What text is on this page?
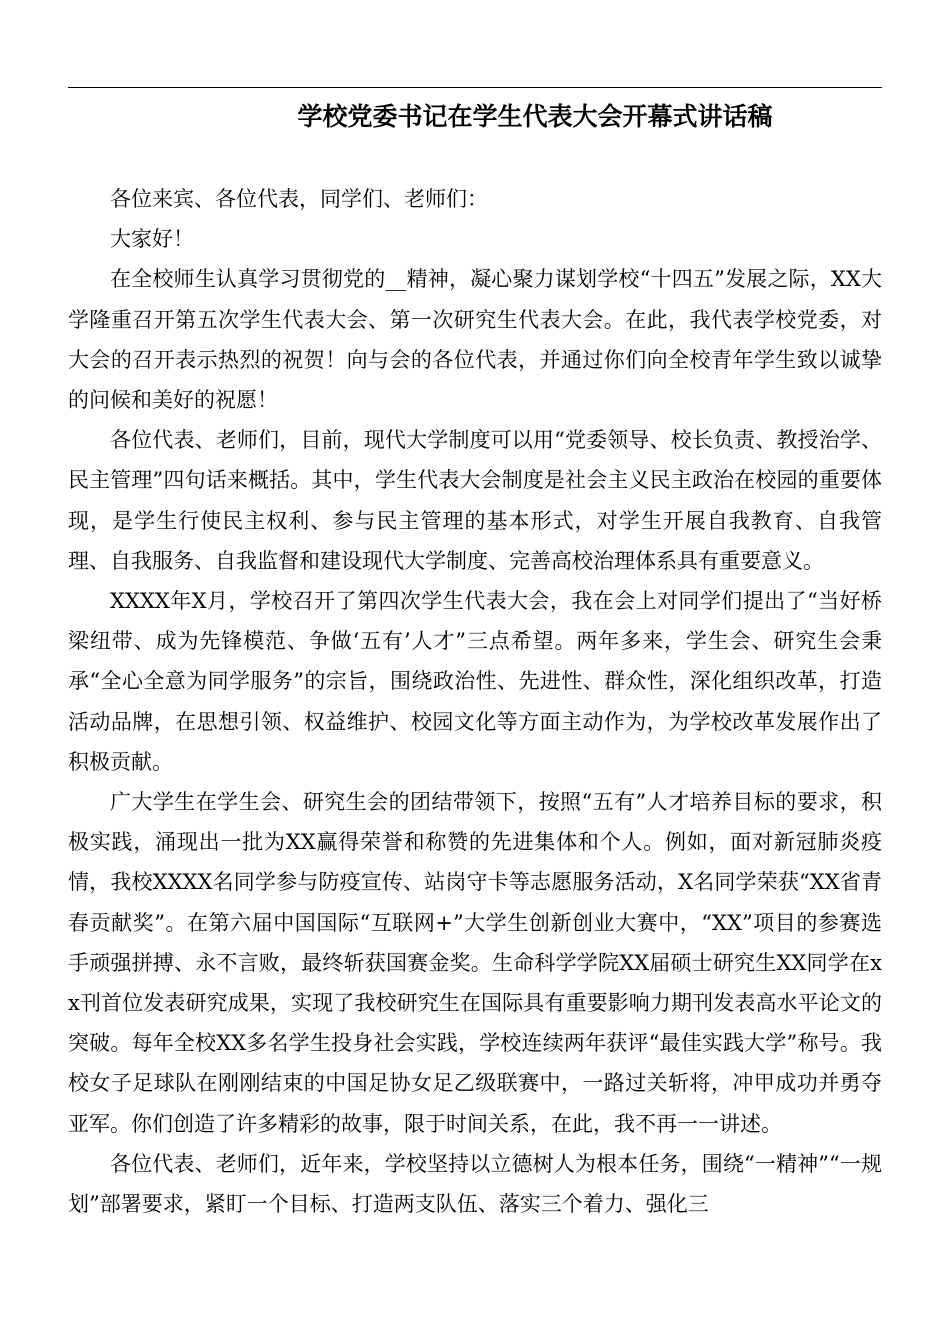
学校党委书记在学生代表大会开幕式讲话稿

各位来宾、各位代表，同学们、老师们：

大家好！

在全校师生认真学习贯彻党的__精神，凝心聚力谋划学校“十四五”发展之际，XX大学隆重召开第五次学生代表大会、第一次研究生代表大会。在此，我代表学校党委，对大会的召开表示热烈的祝贺！向与会的各位代表，并通过你们向全校青年学生致以诚挚的问候和美好的祝愿！

各位代表、老师们，目前，现代大学制度可以用“党委领导、校长负责、教授治学、民主管理”四句话来概括。其中，学生代表大会制度是社会主义民主政治在校园的重要体现，是学生行使民主权利、参与民主管理的基本形式，对学生开展自我教育、自我管理、自我服务、自我监督和建设现代大学制度、完善高校治理体系具有重要意义。

XXXX年X月，学校召开了第四次学生代表大会，我在会上对同学们提出了“当好桥梁纽带、成为先锋模范、争做‘五有’人才”三点希望。两年多来，学生会、研究生会秉承“全心全意为同学服务”的宗旨，围绕政治性、先进性、群众性，深化组织改革，打造活动品牌，在思想引领、权益维护、校园文化等方面主动作为，为学校改革发展作出了积极贡献。

广大学生在学生会、研究生会的团结带领下，按照“五有”人才培养目标的要求，积极实践，涌现出一批为XX赢得荣誉和称赞的先进集体和个人。例如，面对新冠肺炎疫情，我校XXXX名同学参与防疫宣传、站岗守卡等志愿服务活动，X名同学荣获“XX省青春贡献奖”。在第六届中国国际“互联网+”大学生创新创业大赛中，“XX”项目的参赛选手顽强拼搏、永不言败，最终斩获国赛金奖。生命科学学院XX届硕士研究生XX同学在xx刊首位发表研究成果，实现了我校研究生在国际具有重要影响力期刊发表高水平论文的突破。每年全校XX多名学生投身社会实践，学校连续两年获评“最佳实践大学”称号。我校女子足球队在刚刚结束的中国足协女足乙级联赛中，一路过关斩将，冲甲成功并勇夺亚军。你们创造了许多精彩的故事，限于时间关系，在此，我不再一一讲述。

各位代表、老师们，近年来，学校坚持以立德树人为根本任务，围绕“一精神”“一规划”部署要求，紧盯一个目标、打造两支队伍、落实三个着力、强化三
